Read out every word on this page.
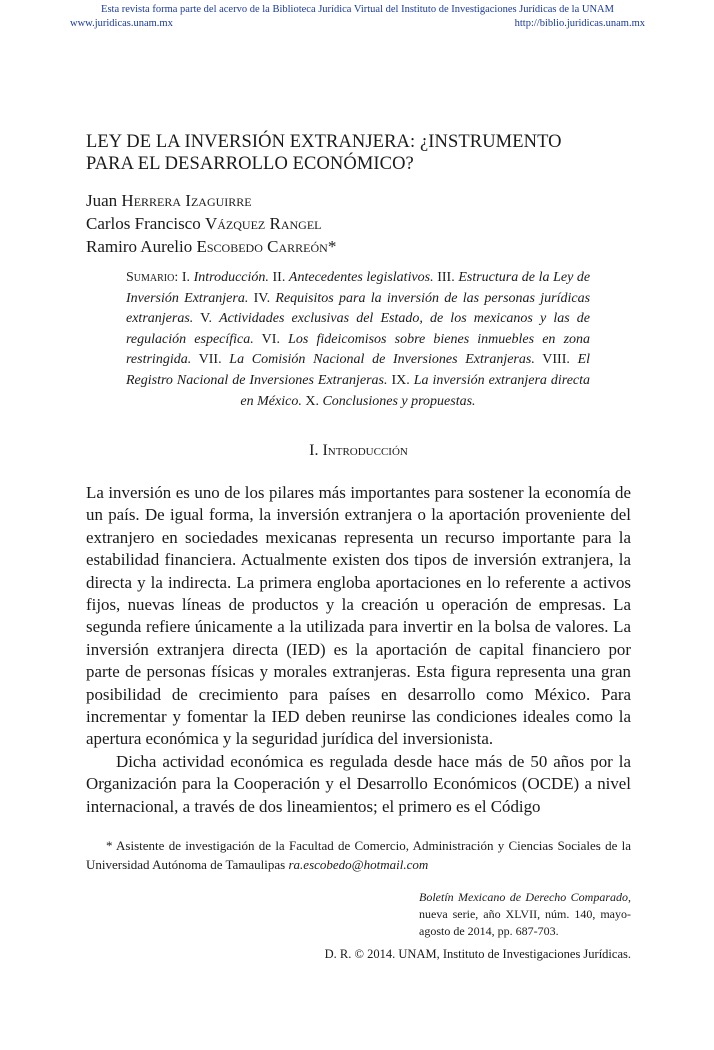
Esta revista forma parte del acervo de la Biblioteca Jurídica Virtual del Instituto de Investigaciones Jurídicas de la UNAM
www.juridicas.unam.mx	http://biblio.juridicas.unam.mx
LEY DE LA INVERSIÓN EXTRANJERA: ¿INSTRUMENTO
PARA EL DESARROLLO ECONÓMICO?
Juan Herrera Izaguirre
Carlos Francisco Vázquez Rangel
Ramiro Aurelio Escobedo Carreón*
Sumario: I. Introducción. II. Antecedentes legislativos. III. Estructura de la Ley de Inversión Extranjera. IV. Requisitos para la inversión de las personas jurídicas extranjeras. V. Actividades exclusivas del Estado, de los mexicanos y las de regulación específica. VI. Los fideicomisos sobre bienes inmuebles en zona restringida. VII. La Comisión Nacional de Inversiones Extranjeras. VIII. El Registro Nacional de Inversiones Extranjeras. IX. La inversión extranjera directa en México. X. Conclusiones y propuestas.
I. Introducción

La inversión es uno de los pilares más importantes para sostener la economía de un país. De igual forma, la inversión extranjera o la aportación proveniente del extranjero en sociedades mexicanas representa un recurso importante para la estabilidad financiera. Actualmente existen dos tipos de inversión extranjera, la directa y la indirecta. La primera engloba aportaciones en lo referente a activos fijos, nuevas líneas de productos y la creación u operación de empresas. La segunda refiere únicamente a la utilizada para invertir en la bolsa de valores. La inversión extranjera directa (IED) es la aportación de capital financiero por parte de personas físicas y morales extranjeras. Esta figura representa una gran posibilidad de crecimiento para países en desarrollo como México. Para incrementar y fomentar la IED deben reunirse las condiciones ideales como la apertura económica y la seguridad jurídica del inversionista.

Dicha actividad económica es regulada desde hace más de 50 años por la Organización para la Cooperación y el Desarrollo Económicos (OCDE) a nivel internacional, a través de dos lineamientos; el primero es el Código

* Asistente de investigación de la Facultad de Comercio, Administración y Ciencias Sociales de la Universidad Autónoma de Tamaulipas ra.escobedo@hotmail.com
Boletín Mexicano de Derecho Comparado, nueva serie, año XLVII, núm. 140, mayo-agosto de 2014, pp. 687-703.
D. R. © 2014. UNAM, Instituto de Investigaciones Jurídicas.
